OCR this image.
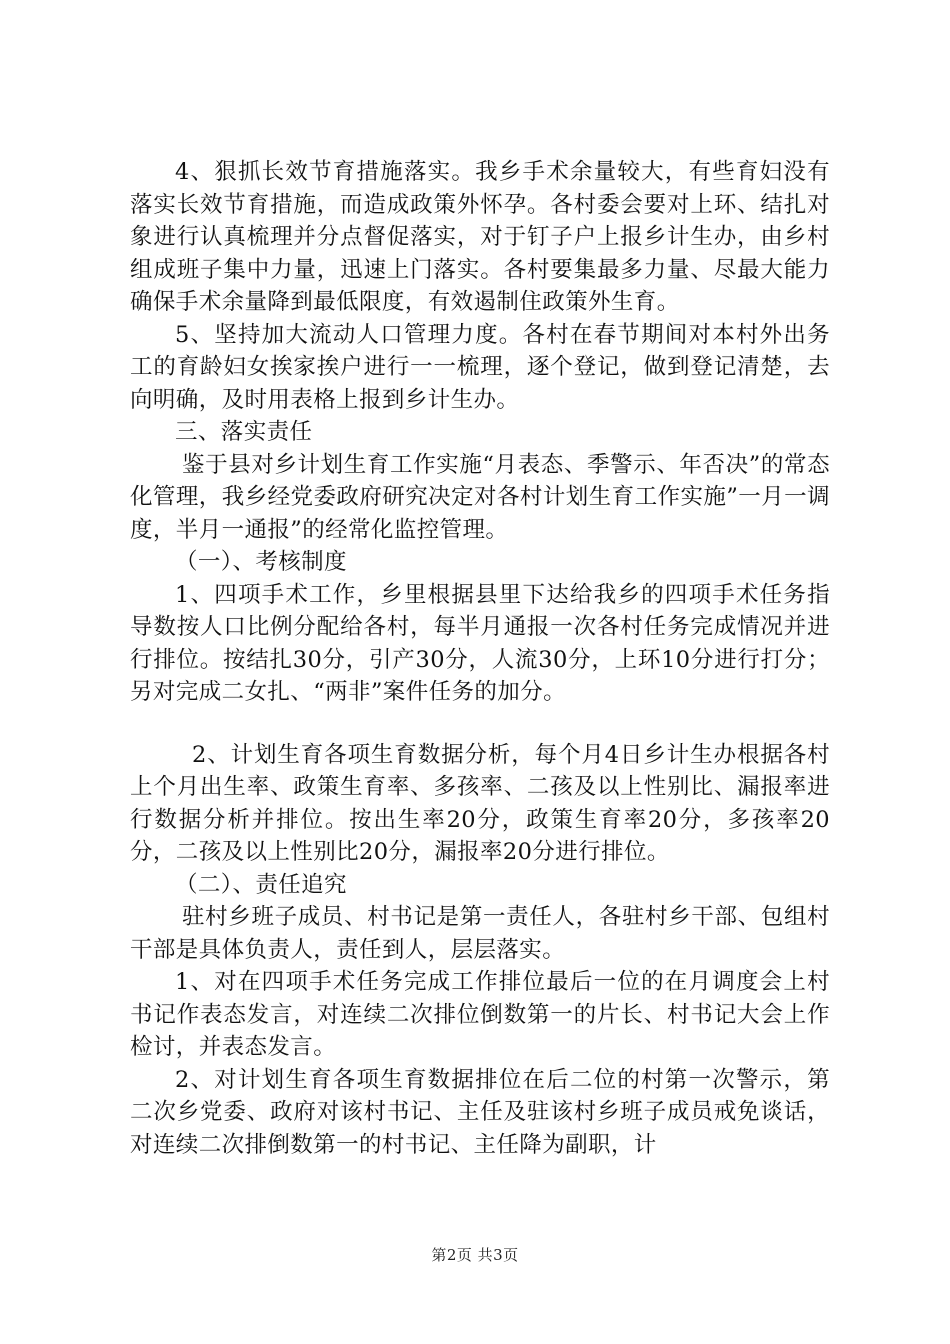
4、狠抓长效节育措施落实。我乡手术余量较大，有些育妇没有落实长效节育措施，而造成政策外怀孕。各村委会要对上环、结扎对象进行认真梳理并分点督促落实，对于钉子户上报乡计生办，由乡村组成班子集中力量，迅速上门落实。各村要集最多力量、尽最大能力确保手术余量降到最低限度，有效遏制住政策外生育。

5、坚持加大流动人口管理力度。各村在春节期间对本村外出务工的育龄妇女挨家挨户进行一一梳理，逐个登记，做到登记清楚，去向明确，及时用表格上报到乡计生办。

三、落实责任

鉴于县对乡计划生育工作实施“月表态、季警示、年否决”的常态化管理，我乡经党委政府研究决定对各村计划生育工作实施”一月一调度，半月一通报”的经常化监控管理。

（一）、考核制度

1、四项手术工作，乡里根据县里下达给我乡的四项手术任务指导数按人口比例分配给各村，每半月通报一次各村任务完成情况并进行排位。按结扎30分，引产30分，人流30分，上环10分进行打分；另对完成二女扎、“两非”案件任务的加分。

2、计划生育各项生育数据分析，每个月4日乡计生办根据各村上个月出生率、政策生育率、多孩率、二孩及以上性别比、漏报率进行数据分析并排位。按出生率20分，政策生育率20分，多孩率20分，二孩及以上性别比20分，漏报率20分进行排位。

（二）、责任追究

驻村乡班子成员、村书记是第一责任人，各驻村乡干部、包组村干部是具体负责人，责任到人，层层落实。

1、对在四项手术任务完成工作排位最后一位的在月调度会上村书记作表态发言，对连续二次排位倒数第一的片长、村书记大会上作检讨，并表态发言。

2、对计划生育各项生育数据排位在后二位的村第一次警示，第二次乡党委、政府对该村书记、主任及驻该村乡班子成员戒免谈话，对连续二次排倒数第一的村书记、主任降为副职，计

第2页 共3页
